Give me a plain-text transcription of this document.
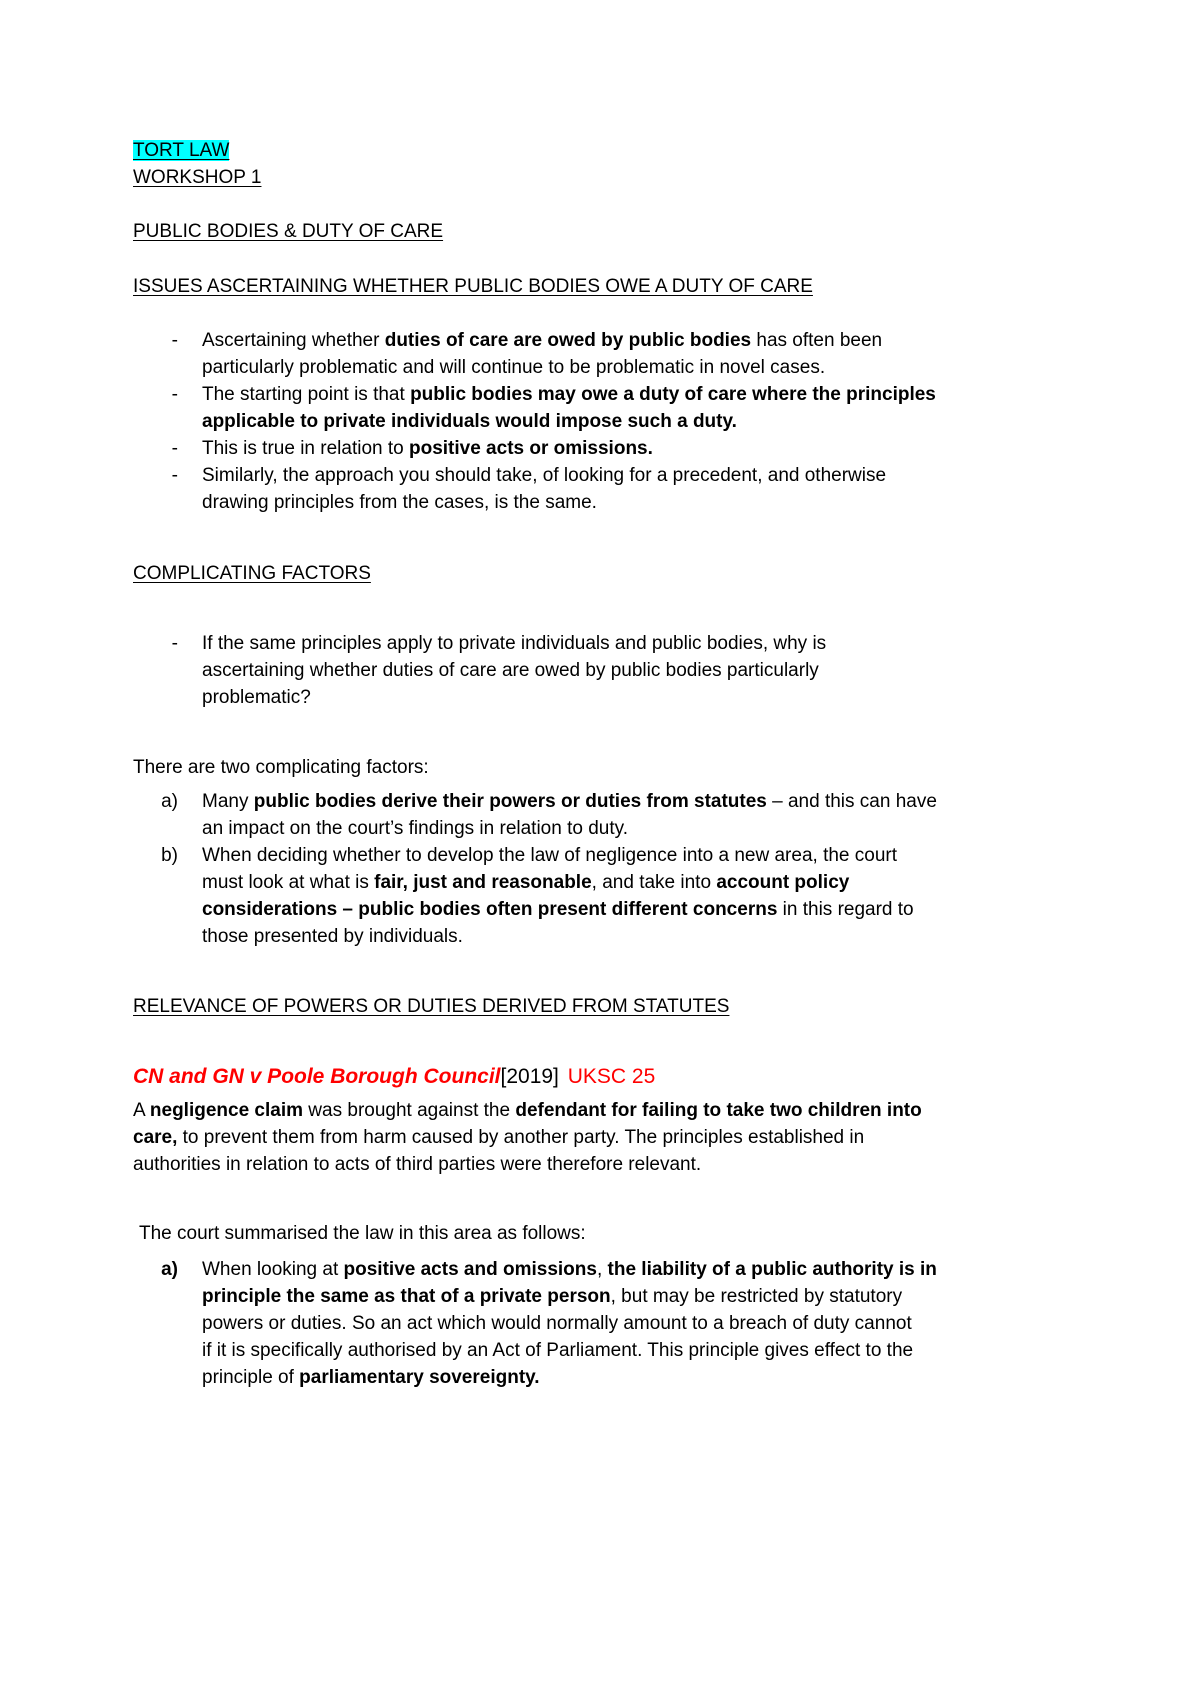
TORT LAW
WORKSHOP 1
PUBLIC BODIES & DUTY OF CARE
ISSUES ASCERTAINING WHETHER PUBLIC BODIES OWE A DUTY OF CARE
- Ascertaining whether duties of care are owed by public bodies has often been
particularly problematic and will continue to be problematic in novel cases.
- The starting point is that public bodies may owe a duty of care where the principles
applicable to private individuals would impose such a duty.
- This is true in relation to positive acts or omissions.
- Similarly, the approach you should take, of looking for a precedent, and otherwise
drawing principles from the cases, is the same.
COMPLICATING FACTORS
- If the same principles apply to private individuals and public bodies, why is
ascertaining whether duties of care are owed by public bodies particularly
problematic?
There are two complicating factors:
a) Many public bodies derive their powers or duties from statutes – and this can have
an impact on the court’s findings in relation to duty.
b) When deciding whether to develop the law of negligence into a new area, the court
must look at what is fair, just and reasonable, and take into account policy
considerations – public bodies often present different concerns in this regard to
those presented by individuals.
RELEVANCE OF POWERS OR DUTIES DERIVED FROM STATUTES
CN and GN v Poole Borough Council[2019] UKSC 25
A negligence claim was brought against the defendant for failing to take two children into
care, to prevent them from harm caused by another party. The principles established in
authorities in relation to acts of third parties were therefore relevant.
The court summarised the law in this area as follows:
a) When looking at positive acts and omissions, the liability of a public authority is in
principle the same as that of a private person, but may be restricted by statutory
powers or duties. So an act which would normally amount to a breach of duty cannot
if it is specifically authorised by an Act of Parliament. This principle gives effect to the
principle of parliamentary sovereignty.
